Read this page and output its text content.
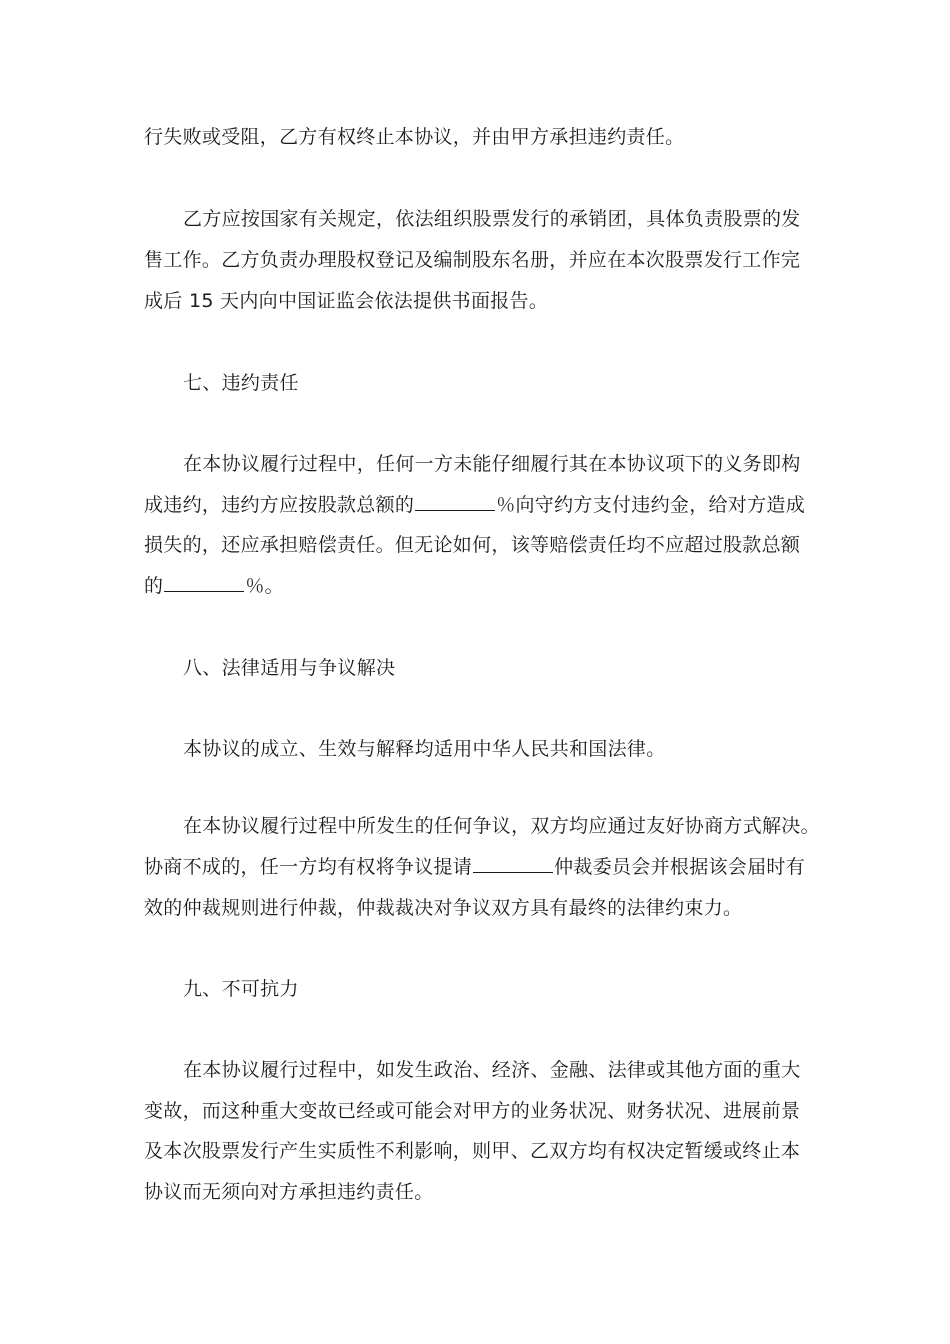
行失败或受阻，乙方有权终止本协议，并由甲方承担违约责任。
乙方应按国家有关规定，依法组织股票发行的承销团，具体负责股票的发
售工作。乙方负责办理股权登记及编制股东名册，并应在本次股票发行工作完
成后 15 天内向中国证监会依法提供书面报告。
七、违约责任
在本协议履行过程中，任何一方未能仔细履行其在本协议项下的义务即构
成违约，违约方应按股款总额的	％向守约方支付违约金，给对方造成
损失的，还应承担赔偿责任。但无论如何，该等赔偿责任均不应超过股款总额
的	％。
八、法律适用与争议解决
本协议的成立、生效与解释均适用中华人民共和国法律。
在本协议履行过程中所发生的任何争议，双方均应通过友好协商方式解决。
协商不成的，任一方均有权将争议提请	仲裁委员会并根据该会届时有
效的仲裁规则进行仲裁，仲裁裁决对争议双方具有最终的法律约束力。
九、不可抗力
在本协议履行过程中，如发生政治、经济、金融、法律或其他方面的重大
变故，而这种重大变故已经或可能会对甲方的业务状况、财务状况、进展前景
及本次股票发行产生实质性不利影响，则甲、乙双方均有权决定暂缓或终止本
协议而无须向对方承担违约责任。
